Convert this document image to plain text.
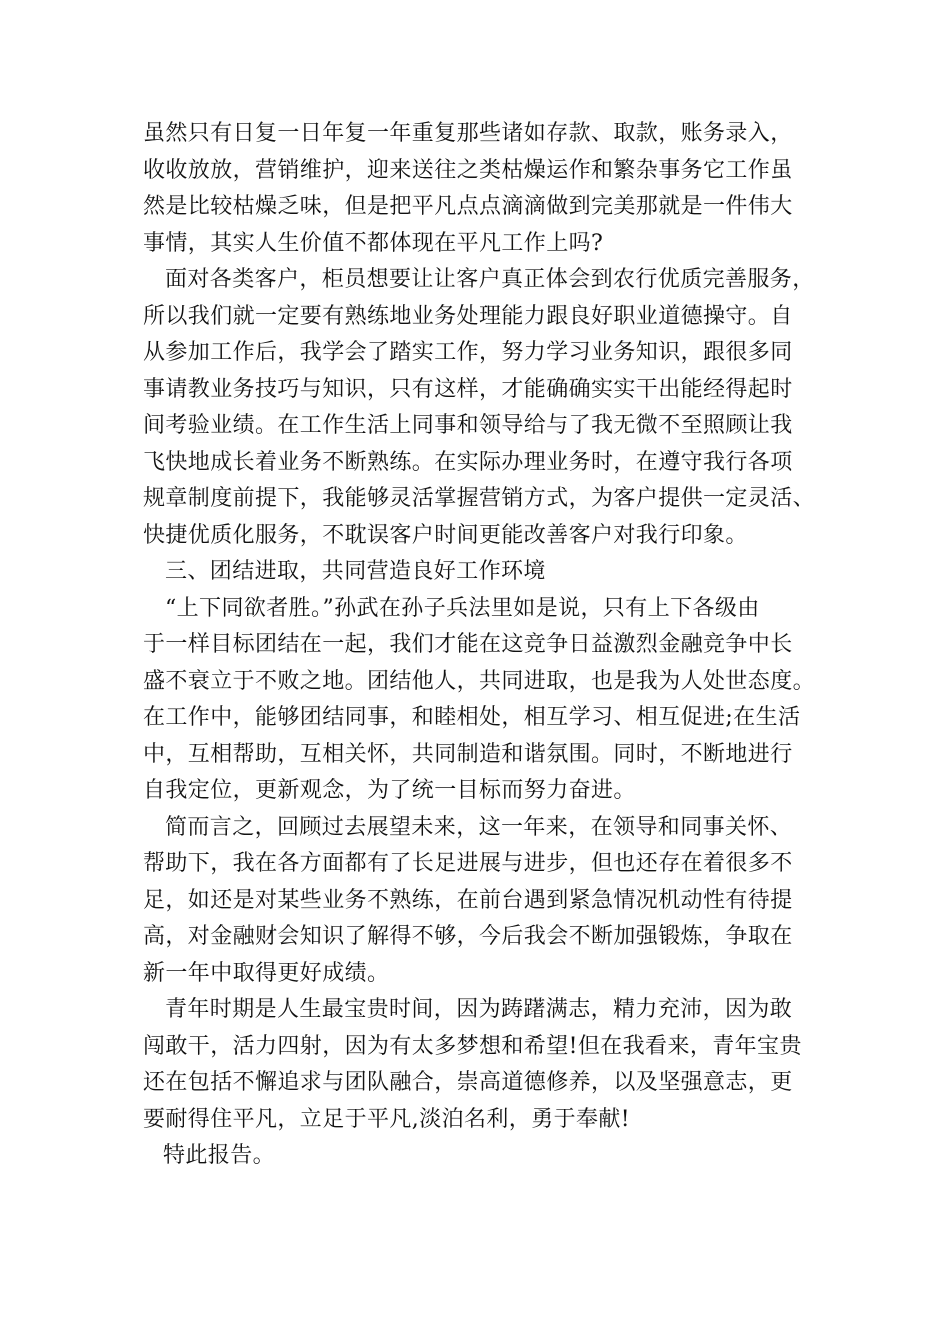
虽然只有日复一日年复一年重复那些诸如存款、取款，账务录入，
收收放放，营销维护，迎来送往之类枯燥运作和繁杂事务它工作虽
然是比较枯燥乏味，但是把平凡点点滴滴做到完美那就是一件伟大
事情，其实人生价值不都体现在平凡工作上吗?
面对各类客户，柜员想要让让客户真正体会到农行优质完善服务，
所以我们就一定要有熟练地业务处理能力跟良好职业道德操守。自
从参加工作后，我学会了踏实工作，努力学习业务知识，跟很多同
事请教业务技巧与知识，只有这样，才能确确实实干出能经得起时
间考验业绩。在工作生活上同事和领导给与了我无微不至照顾让我
飞快地成长着业务不断熟练。在实际办理业务时，在遵守我行各项
规章制度前提下，我能够灵活掌握营销方式，为客户提供一定灵活、
快捷优质化服务，不耽误客户时间更能改善客户对我行印象。
三、团结进取，共同营造良好工作环境
“上下同欲者胜。”孙武在孙子兵法里如是说，只有上下各级由
于一样目标团结在一起，我们才能在这竞争日益激烈金融竞争中长
盛不衰立于不败之地。团结他人，共同进取，也是我为人处世态度。
在工作中，能够团结同事，和睦相处，相互学习、相互促进;在生活
中，互相帮助，互相关怀，共同制造和谐氛围。同时，不断地进行
自我定位，更新观念，为了统一目标而努力奋进。
简而言之，回顾过去展望未来，这一年来，在领导和同事关怀、
帮助下，我在各方面都有了长足进展与进步，但也还存在着很多不
足，如还是对某些业务不熟练，在前台遇到紧急情况机动性有待提
高，对金融财会知识了解得不够，今后我会不断加强锻炼，争取在
新一年中取得更好成绩。
青年时期是人生最宝贵时间，因为踌躇满志，精力充沛，因为敢
闯敢干，活力四射，因为有太多梦想和希望!但在我看来，青年宝贵
还在包括不懈追求与团队融合，崇高道德修养，以及坚强意志，更
要耐得住平凡，立足于平凡,淡泊名利，勇于奉献!
特此报告。
